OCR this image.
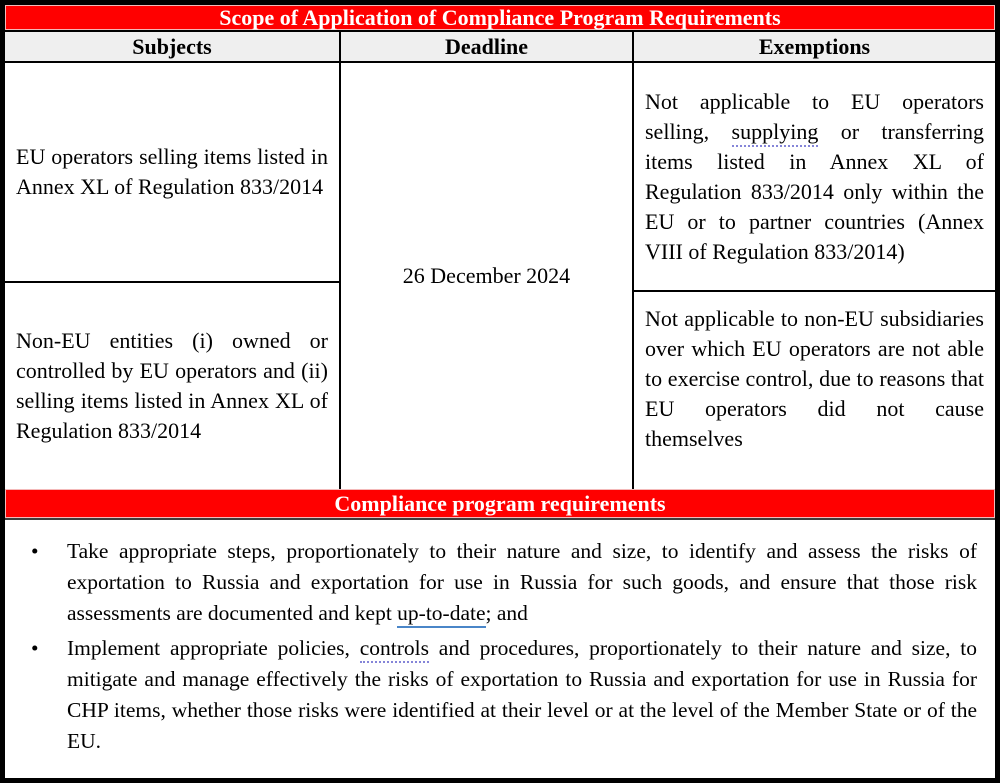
Scope of Application of Compliance Program Requirements
Subjects	Deadline	Exemptions

EU operators selling items listed in Annex XL of Regulation 833/2014

Non-EU entities (i) owned or controlled by EU operators and (ii) selling items listed in Annex XL of Regulation 833/2014

26 December 2024

Not applicable to EU operators selling, supplying or transferring items listed in Annex XL of Regulation 833/2014 only within the EU or to partner countries (Annex VIII of Regulation 833/2014)

Not applicable to non-EU subsidiaries over which EU operators are not able to exercise control, due to reasons that EU operators did not cause themselves

Compliance program requirements
• Take appropriate steps, proportionately to their nature and size, to identify and assess the risks of exportation to Russia and exportation for use in Russia for such goods, and ensure that those risk assessments are documented and kept up-to-date; and
• Implement appropriate policies, controls and procedures, proportionately to their nature and size, to mitigate and manage effectively the risks of exportation to Russia and exportation for use in Russia for CHP items, whether those risks were identified at their level or at the level of the Member State or of the EU.
